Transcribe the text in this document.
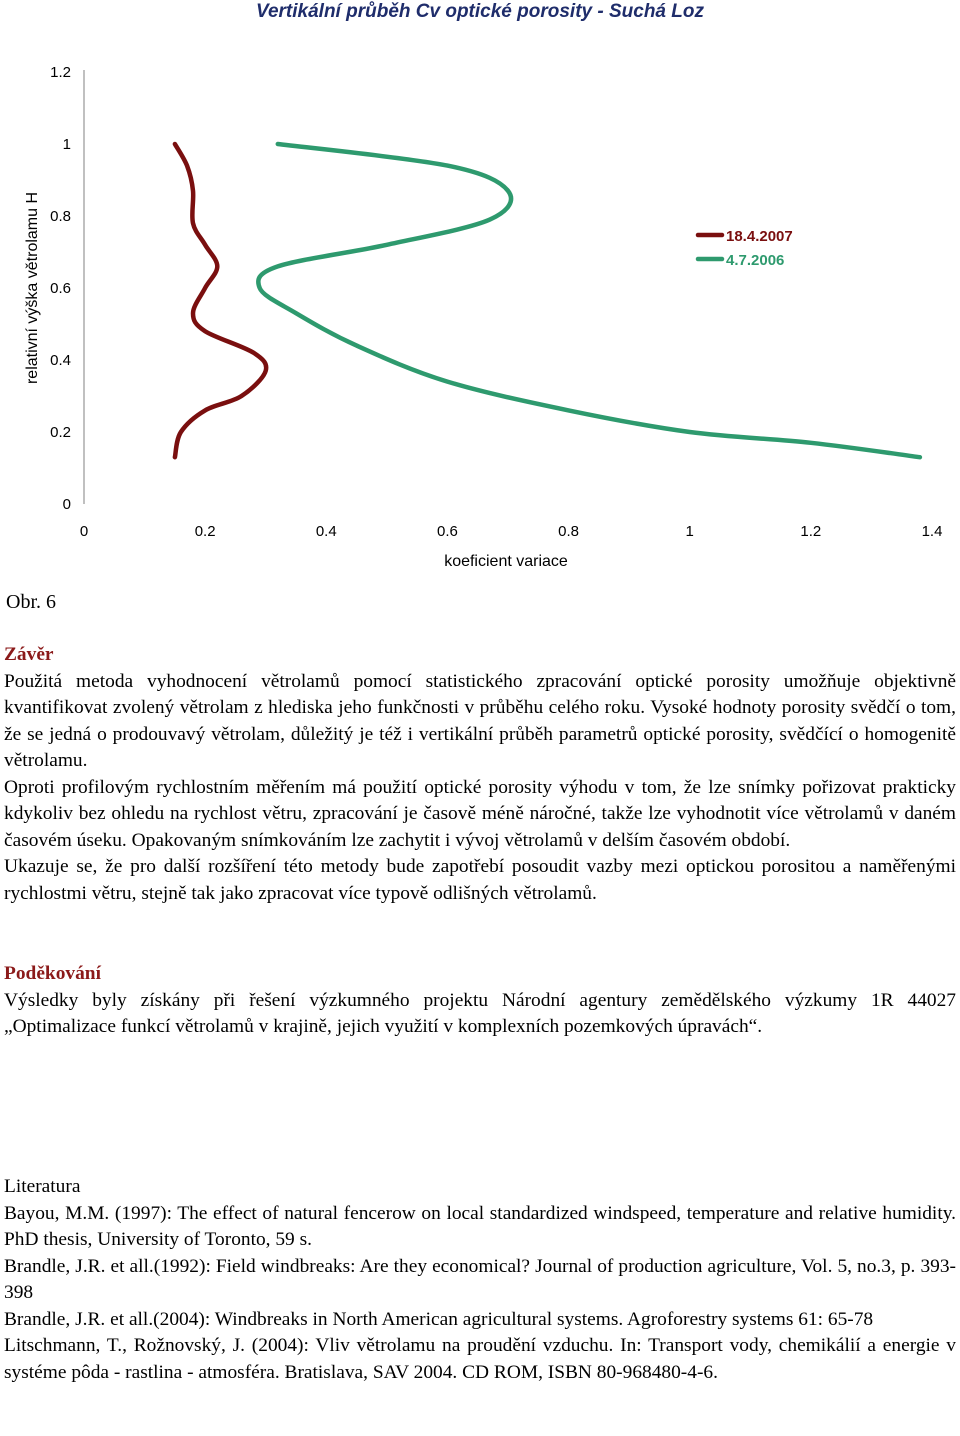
Vertikální průběh Cv optické porosity - Suchá Loz
0
0.2
0.4
0.6
0.8
1
1.2
0	0.2	0.4	0.6	0.8	1	1.2	1.4
18.4.2007
4.7.2006
koeficient variace
relativní výška větrolamu H
Obr. 6

Závěr

Použitá metoda vyhodnocení větrolamů pomocí statistického zpracování optické porosity umožňuje objektivně kvantifikovat zvolený větrolam z hlediska jeho funkčnosti v průběhu celého roku. Vysoké hodnoty porosity svědčí o tom, že se jedná o prodouvavý větrolam, důležitý je též i vertikální průběh parametrů optické porosity, svědčící o homogenitě větrolamu.

Oproti profilovým rychlostním měřením má použití optické porosity výhodu v tom, že lze snímky pořizovat prakticky kdykoliv bez ohledu na rychlost větru, zpracování je časově méně náročné, takže lze vyhodnotit více větrolamů v daném časovém úseku. Opakovaným snímkováním lze zachytit i vývoj větrolamů v delším časovém období.

Ukazuje se, že pro další rozšíření této metody bude zapotřebí posoudit vazby mezi optickou porositou a naměřenými rychlostmi větru, stejně tak jako zpracovat více typově odlišných větrolamů.

Poděkování

Výsledky byly získány při řešení výzkumného projektu Národní agentury zemědělského výzkumy 1R 44027 „Optimalizace funkcí větrolamů v krajině, jejich využití v komplexních pozemkových úpravách“.

Literatura

Bayou, M.M. (1997): The effect of natural fencerow on local standardized windspeed, temperature and relative humidity. PhD thesis, University of Toronto, 59 s.

Brandle, J.R. et all.(1992): Field windbreaks: Are they economical? Journal of production agriculture, Vol. 5, no.3, p. 393-398

Brandle, J.R. et all.(2004): Windbreaks in North American agricultural systems. Agroforestry systems 61: 65-78

Litschmann, T., Rožnovský, J. (2004): Vliv větrolamu na proudění vzduchu. In: Transport vody, chemikálií a energie v systéme pôda - rastlina - atmosféra. Bratislava, SAV 2004. CD ROM, ISBN 80-968480-4-6.
